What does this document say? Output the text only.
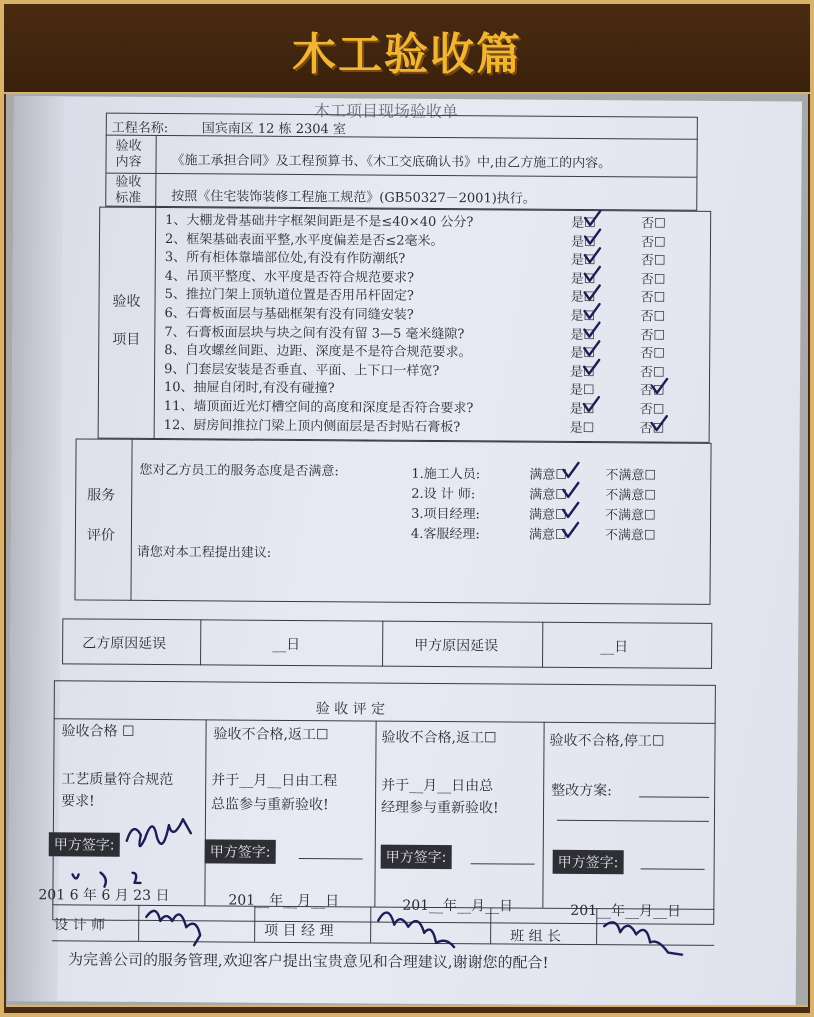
木工验收篇
木工项目现场验收单
工程名称:	国宾南区 12 栋 2304 室
验收内容	《施工承担合同》及工程预算书、《木工交底确认书》中,由乙方施工的内容。
验收标准	按照《住宅装饰装修工程施工规范》(GB50327－2001)执行。
验收
项目
1、大棚龙骨基础井字框架间距是不是≤40×40 公分?	是☐	否☐
2、框架基础表面平整,水平度偏差是否≤2毫米。	是☐	否☐
3、所有柜体靠墙部位处,有没有作防潮纸?	是☐	否☐
4、吊顶平整度、水平度是否符合规范要求?	是☐	否☐
5、推拉门架上顶轨道位置是否用吊杆固定?	是☐	否☐
6、石膏板面层与基础框架有没有同缝安装?	是☐	否☐
7、石膏板面层块与块之间有没有留 3—5 毫米缝隙?	是☐	否☐
8、自攻螺丝间距、边距、深度是不是符合规范要求。	是☐	否☐
9、门套层安装是否垂直、平面、上下口一样宽?	是☐	否☐
10、抽屉自闭时,有没有碰撞?	是☐	否☐
11、墙顶面近光灯槽空间的高度和深度是否符合要求?	是☐	否☐
12、厨房间推拉门梁上顶内侧面层是否封贴石膏板?	是☐	否☐
服务
评价
您对乙方员工的服务态度是否满意:	1.施工人员:	满意☐	不满意☐
2.设 计 师:	满意☐	不满意☐
3.项目经理:	满意☐	不满意☐
4.客服经理:	满意☐	不满意☐
请您对本工程提出建议:
乙方原因延误	__日	甲方原因延误	__日
验 收 评 定
验收合格 ☐
工艺质量符合规范
要求!
甲方签字:
201 6 年 6 月 23 日
验收不合格,返工☐
并于__月__日由工程
总监参与重新验收!
甲方签字:
201__年__月__日
验收不合格,返工☐
并于__月__日由总
经理参与重新验收!
甲方签字:
201__年__月__日
验收不合格,停工☐
整改方案:
甲方签字:
201__年__月__日
设 计 师	项 目 经 理	班 组 长
为完善公司的服务管理,欢迎客户提出宝贵意见和合理建议,谢谢您的配合!
